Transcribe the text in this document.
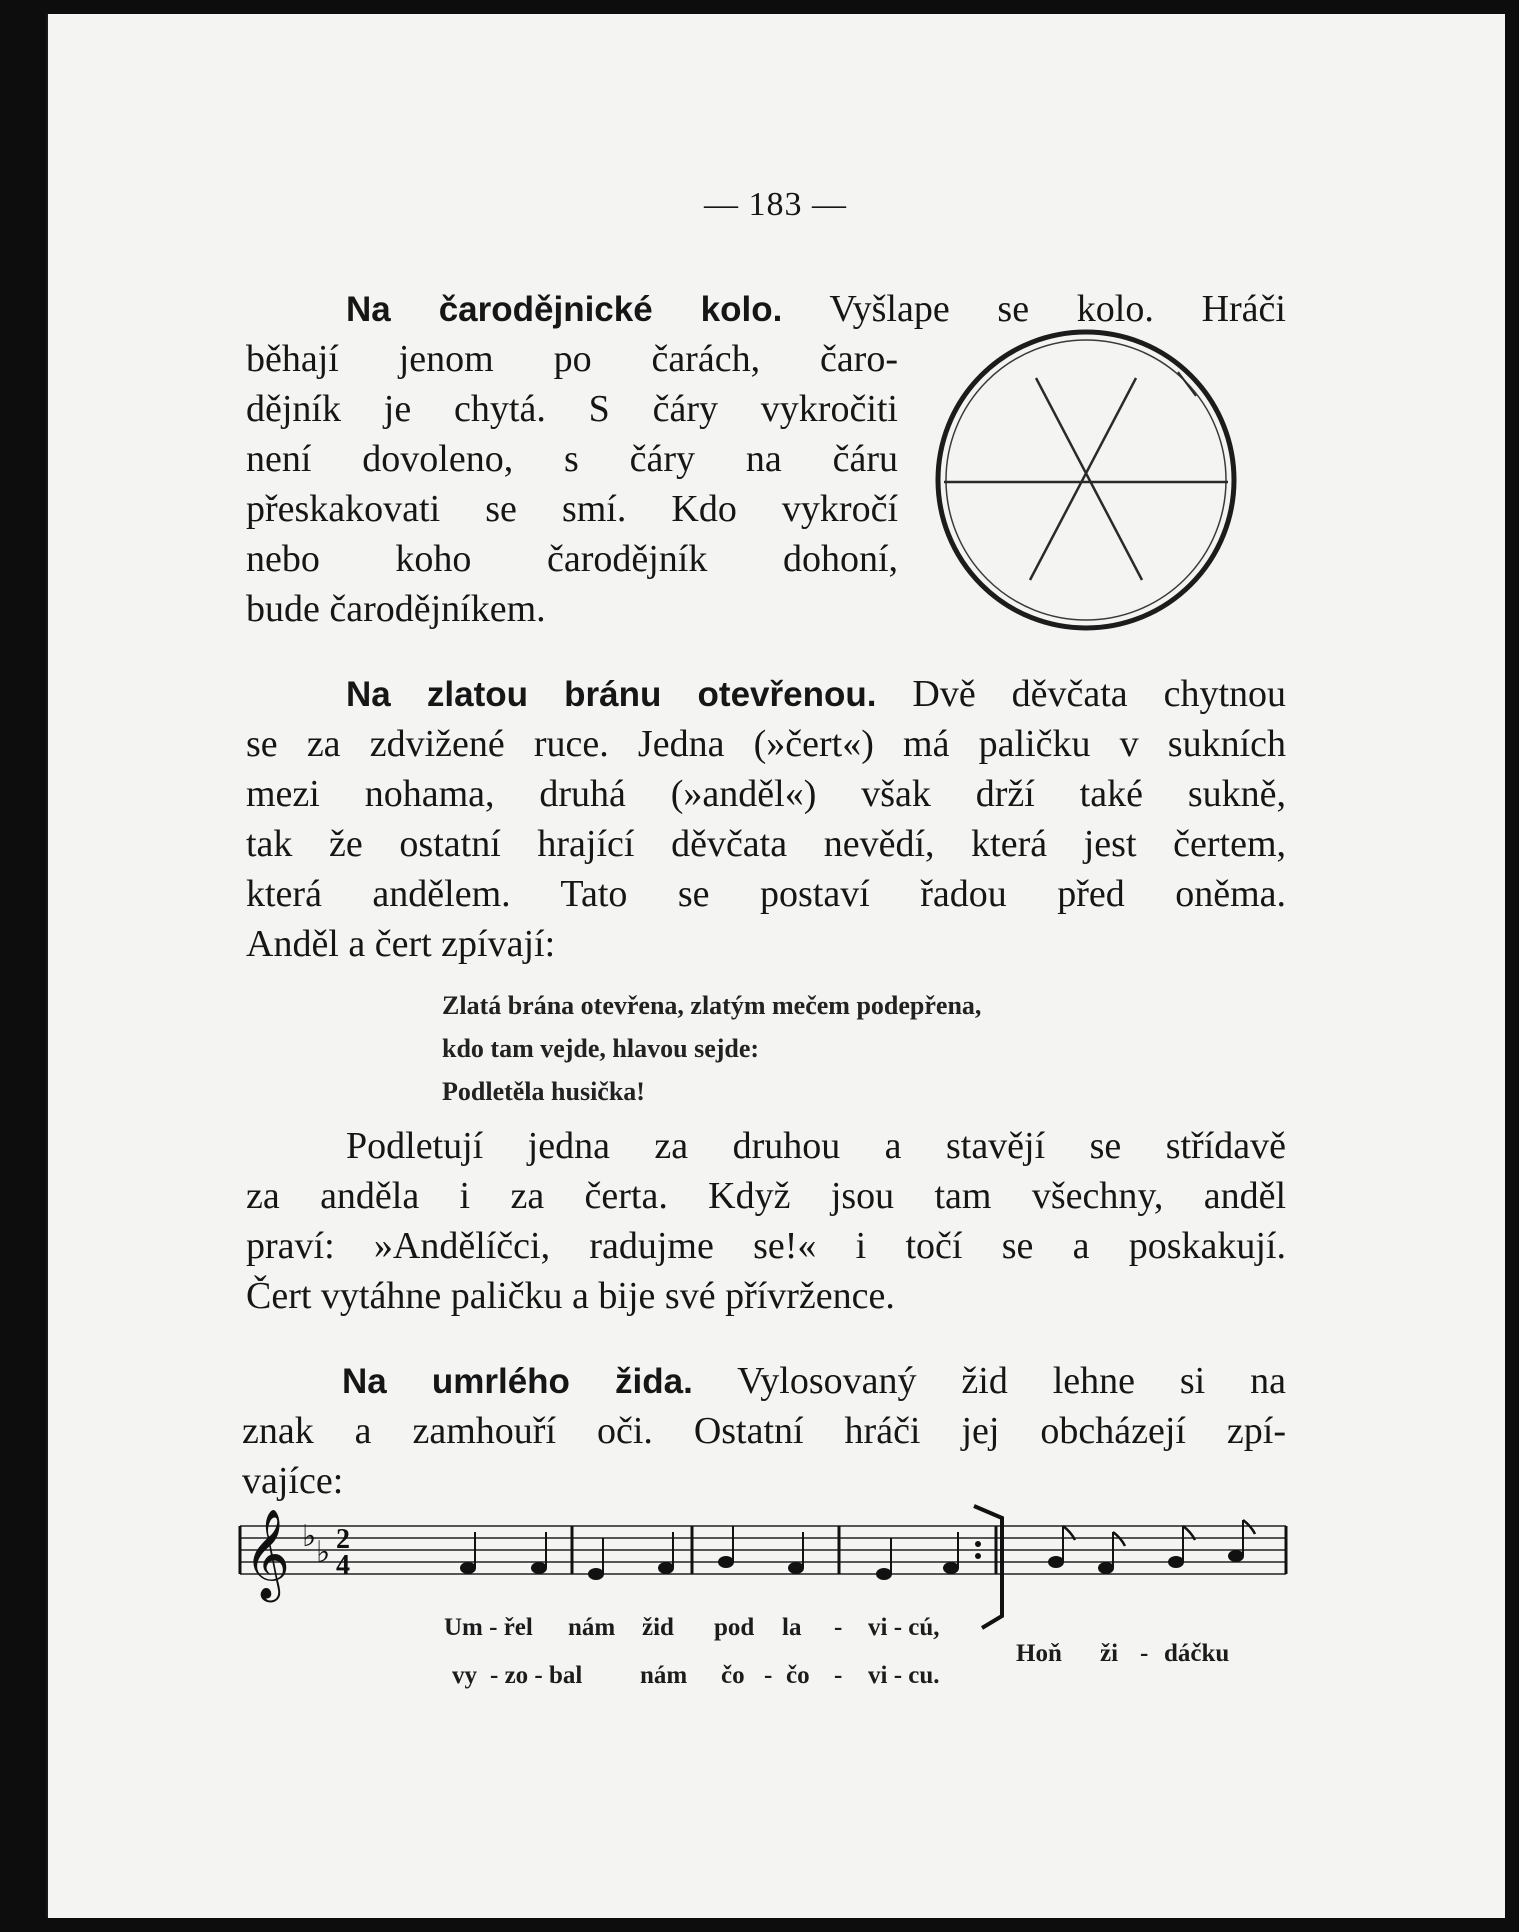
— 183 —
Na čarodějnické kolo. Vyšlape se kolo. Hráči
běhají jenom po čarách, čaro-
dějník je chytá. S čáry vykročiti
není dovoleno, s čáry na čáru
přeskakovati se smí. Kdo vykročí
nebo koho čarodějník dohoní,
bude čarodějníkem.
Na zlatou bránu otevřenou. Dvě děvčata chytnou
se za zdvižené ruce. Jedna (»čert«) má paličku v sukních
mezi nohama, druhá (»anděl«) však drží také sukně,
tak že ostatní hrající děvčata nevědí, která jest čertem,
která andělem. Tato se postaví řadou před oněma.
Anděl a čert zpívají:
Zlatá brána otevřena, zlatým mečem podepřena,
kdo tam vejde, hlavou sejde:
Podletěla husička!
Podletují jedna za druhou a stavějí se střídavě
za anděla i za čerta. Když jsou tam všechny, anděl
praví: »Andělíčci, radujme se!« i točí se a poskakují.
Čert vytáhne paličku a bije své přívržence.
Na umrlého žida. Vylosovaný žid lehne si na
znak a zamhouří oči. Ostatní hráči jej obcházejí zpí-
vajíce:
𝄞 ♭ ♭ 2
4
Um - řel nám žid pod la - vi - cú,
vy - zo - bal nám čo - čo - vi - cu.
Hoň ži - dáčku
